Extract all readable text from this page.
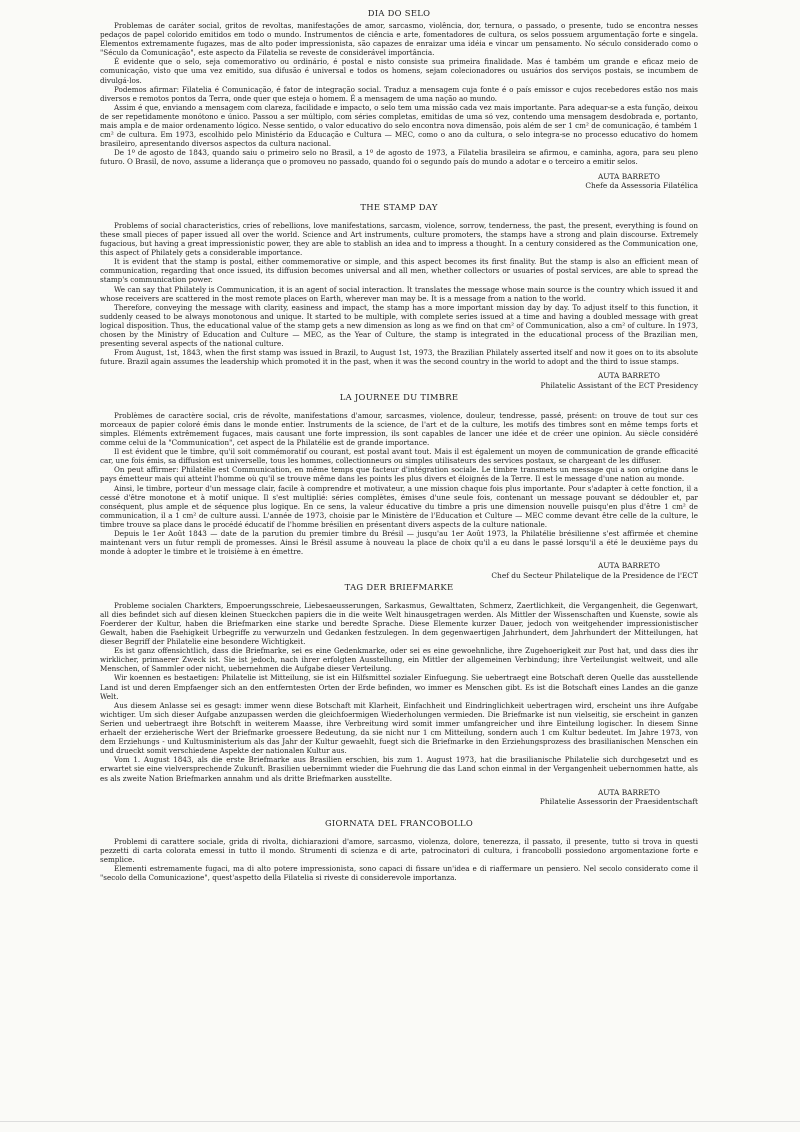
DIA DO SELO

Problemas de caráter social, gritos de revoltas, manifestações de amor, sarcasmo, violência, dor, ternura, o passado, o presente, tudo se encontra nesses pedaços de papel colorido emitidos em todo o mundo. Instrumentos de ciência e arte, fomentadores de cultura, os selos possuem argumentação forte e singela. Elementos extremamente fugazes, mas de alto poder impressionista, são capazes de enraizar uma idéia e vincar um pensamento. No século considerado como o "Século da Comunicação", este aspecto da Filatelia se reveste de considerável importância.

É evidente que o selo, seja comemorativo ou ordinário, é postal e nisto consiste sua primeira finalidade. Mas é também um grande e eficaz meio de comunicação, visto que uma vez emitido, sua difusão é universal e todos os homens, sejam colecionadores ou usuários dos serviços postais, se incumbem de divulgá-los.

Podemos afirmar: Filatelia é Comunicação, é fator de integração social. Traduz a mensagem cuja fonte é o país emissor e cujos recebedores estão nos mais diversos e remotos pontos da Terra, onde quer que esteja o homem. É a mensagem de uma nação ao mundo.

Assim é que, enviando a mensagem com clareza, facilidade e impacto, o selo tem uma missão cada vez mais importante. Para adequar-se a esta função, deixou de ser repetidamente monótono e único. Passou a ser múltiplo, com séries completas, emitidas de uma só vez, contendo uma mensagem desdobrada e, portanto, mais ampla e de maior ordenamento lógico. Nesse sentido, o valor educativo do selo encontra nova dimensão, pois além de ser 1 cm² de comunicação, é também 1 cm² de cultura. Em 1973, escolhido pelo Ministério da Educação e Cultura — MEC, como o ano da cultura, o selo integra-se no processo educativo do homem brasileiro, apresentando diversos aspectos da cultura nacional.

De 1º de agosto de 1843, quando saiu o primeiro selo no Brasil, a 1º de agosto de 1973, a Filatelia brasileira se afirmou, e caminha, agora, para seu pleno futuro. O Brasil, de novo, assume a liderança que o promoveu no passado, quando foi o segundo país do mundo a adotar e o terceiro a emitir selos.

AUTA BARRETO
Chefe da Assessoria Filatélica
THE STAMP DAY

Problems of social characteristics, cries of rebellions, love manifestations, sarcasm, violence, sorrow, tenderness, the past, the present, everything is found on these small pieces of paper issued all over the world. Science and Art instruments, culture promoters, the stamps have a strong and plain discourse. Extremely fugacious, but having a great impressionistic power, they are able to stablish an idea and to impress a thought. In a century considered as the Communication one, this aspect of Philately gets a considerable importance.

It is evident that the stamp is postal, either commemorative or simple, and this aspect becomes its first finality. But the stamp is also an efficient mean of communication, regarding that once issued, its diffusion becomes universal and all men, whether collectors or usuaries of postal services, are able to spread the stamp's communication power.

We can say that Philately is Communication, it is an agent of social interaction. It translates the message whose main source is the country which issued it and whose receivers are scattered in the most remote places on Earth, wherever man may be. It is a message from a nation to the world.

Therefore, conveying the message with clarity, easiness and impact, the stamp has a more important mission day by day. To adjust itself to this function, it suddenly ceased to be always monotonous and unique. It started to be multiple, with complete series issued at a time and having a doubled message with great logical disposition. Thus, the educational value of the stamp gets a new dimension as long as we find on that cm² of Communication, also a cm² of culture. In 1973, chosen by the Ministry of Education and Culture — MEC, as the Year of Culture, the stamp is integrated in the educational process of the Brazilian men, presenting several aspects of the national culture.

From August, 1st, 1843, when the first stamp was issued in Brazil, to August 1st, 1973, the Brazilian Philately asserted itself and now it goes on to its absolute future. Brazil again assumes the leadership which promoted it in the past, when it was the second country in the world to adopt and the third to issue stamps.

AUTA BARRETO
Philatelic Assistant of the ECT Presidency
LA JOURNEE DU TIMBRE

Problèmes de caractère social, cris de révolte, manifestations d'amour, sarcasmes, violence, douleur, tendresse, passé, présent: on trouve de tout sur ces morceaux de papier coloré émis dans le monde entier. Instruments de la science, de l'art et de la culture, les motifs des timbres sont en même temps forts et simples. Eléments extrêmement fugaces, mais causant une forte impression, ils sont capables de lancer une idée et de créer une opinion. Au siècle considéré comme celui de la "Communication", cet aspect de la Philatélie est de grande importance.

Il est évident que le timbre, qu'il soit commémoratif ou courant, est postal avant tout. Mais il est également un moyen de communication de grande efficacité car, une fois émis, sa diffusion est universelle, tous les hommes, collectionneurs ou simples utilisateurs des services postaux, se chargeant de les diffuser.

On peut affirmer: Philatélie est Communication, en même temps que facteur d'intégration sociale. Le timbre transmets un message qui a son origine dans le pays émetteur mais qui atteint l'homme où qu'il se trouve même dans les points les plus divers et éloignés de la Terre. Il est le message d'une nation au monde.

Ainsi, le timbre, porteur d'un message clair, facile à comprendre et motivateur, a une mission chaque fois plus importante. Pour s'adapter à cette fonction, il a cessé d'être monotone et à motif unique. Il s'est multiplié: séries complètes, émises d'une seule fois, contenant un message pouvant se dédoubler et, par conséquent, plus ample et de séquence plus logique. En ce sens, la valeur éducative du timbre a pris une dimension nouvelle puisqu'en plus d'être 1 cm² de communication, il a 1 cm² de culture aussi. L'année de 1973, choisie par le Ministère de l'Education et Culture — MEC comme devant être celle de la culture, le timbre trouve sa place dans le procédé éducatif de l'homme brésilien en présentant divers aspects de la culture nationale.

Depuis le 1er Août 1843 — date de la parution du premier timbre du Brésil — jusqu'au 1er Août 1973, la Philatélie brésilienne s'est affirmée et chemine maintenant vers un futur rempli de promesses. Ainsi le Brésil assume à nouveau la place de choix qu'il a eu dans le passé lorsqu'il a été le deuxième pays du monde à adopter le timbre et le troisième à en émettre.

AUTA BARRETO
Chef du Secteur Philatelique de la Presidence de l'ECT
TAG DER BRIEFMARKE

Probleme socialen Charkters, Empoerungsschreie, Liebesaeusserungen, Sarkasmus, Gewalttaten, Schmerz, Zaertlichkeit, die Vergangenheit, die Gegenwart, all dies befindet sich auf diesen kleinen Stueckchen papiers die in die weite Welt hinausgetragen werden. Als Mittler der Wissenschaften und Kuenste, sowie als Foerderer der Kultur, haben die Briefmarken eine starke und beredte Sprache. Diese Elemente kurzer Dauer, jedoch von weitgehender impressionistischer Gewalt, haben die Faehigkeit Urbegriffe zu verwurzeln und Gedanken festzulegen. In dem gegenwaertigen Jahrhundert, dem Jahrhundert der Mitteilungen, hat dieser Begriff der Philatelie eine besondere Wichtigkeit.

Es ist ganz offensichtlich, dass die Briefmarke, sei es eine Gedenkmarke, oder sei es eine gewoehnliche, ihre Zugehoerigkeit zur Post hat, und dass dies ihr wirklicher, primaerer Zweck ist. Sie ist jedoch, nach ihrer erfolgten Ausstellung, ein Mittler der allgemeinen Verbindung; ihre Verteilungist weltweit, und alle Menschen, of Sammler oder nicht, uebernehmen die Aufgabe dieser Verteilung.

Wir koennen es bestaetigen: Philatelie ist Mitteilung, sie ist ein Hilfsmittel sozialer Einfuegung. Sie uebertraegt eine Botschaft deren Quelle das ausstellende Land ist und deren Empfaenger sich an den entferntesten Orten der Erde befinden, wo immer es Menschen gibt. Es ist die Botschaft eines Landes an die ganze Welt.

Aus diesem Anlasse sei es gesagt: immer wenn diese Botschaft mit Klarheit, Einfachheit und Eindringlichkeit uebertragen wird, erscheint uns ihre Aufgabe wichtiger. Um sich dieser Aufgabe anzupassen werden die gleichfoermigen Wiederholungen vermieden. Die Briefmarke ist nun vielseitig, sie erscheint in ganzen Serien und uebertraegt ihre Botschft in weiterem Maasse, ihre Verbreitung wird somit immer umfangreicher und ihre Einteilung logischer. In diesem Sinne erhaelt der erzieherische Wert der Briefmarke groessere Bedeutung, da sie nicht nur 1 cm Mitteilung, sondern auch 1 cm Kultur bedeutet. Im Jahre 1973, von dem Erziehungs - und Kultusministerium als das Jahr der Kultur gewaehlt, fuegt sich die Briefmarke in den Erziehungsprozess des brasilianischen Menschen ein und drueckt somit verschiedene Aspekte der nationalen Kultur aus.

Vom 1. August 1843, als die erste Briefmarke aus Brasilien erschien, bis zum 1. August 1973, hat die brasilianische Philatelie sich durchgesetzt und es erwartet sie eine vielversprechende Zukunft. Brasilien uebernimmt wieder die Fuehrung die das Land schon einmal in der Vergangenheit uebernommen hatte, als es als zweite Nation Briefmarken annahm und als dritte Briefmarken ausstellte.

AUTA BARRETO
Philatelie Assessorin der Praesidentschaft
GIORNATA DEL FRANCOBOLLO

Problemi di carattere sociale, grida di rivolta, dichiarazioni d'amore, sarcasmo, violenza, dolore, tenerezza, il passato, il presente, tutto si trova in questi pezzetti di carta colorata emessi in tutto il mondo. Strumenti di scienza e di arte, patrocinatori di cultura, i francobolli possiedono argomentazione forte e semplice.

Elementi estremamente fugaci, ma di alto potere impressionista, sono capaci di fissare un'idea e di riaffermare un pensiero. Nel secolo considerato come il "secolo della Comunicazione", quest'aspetto della Filatelia si riveste di considerevole importanza.
